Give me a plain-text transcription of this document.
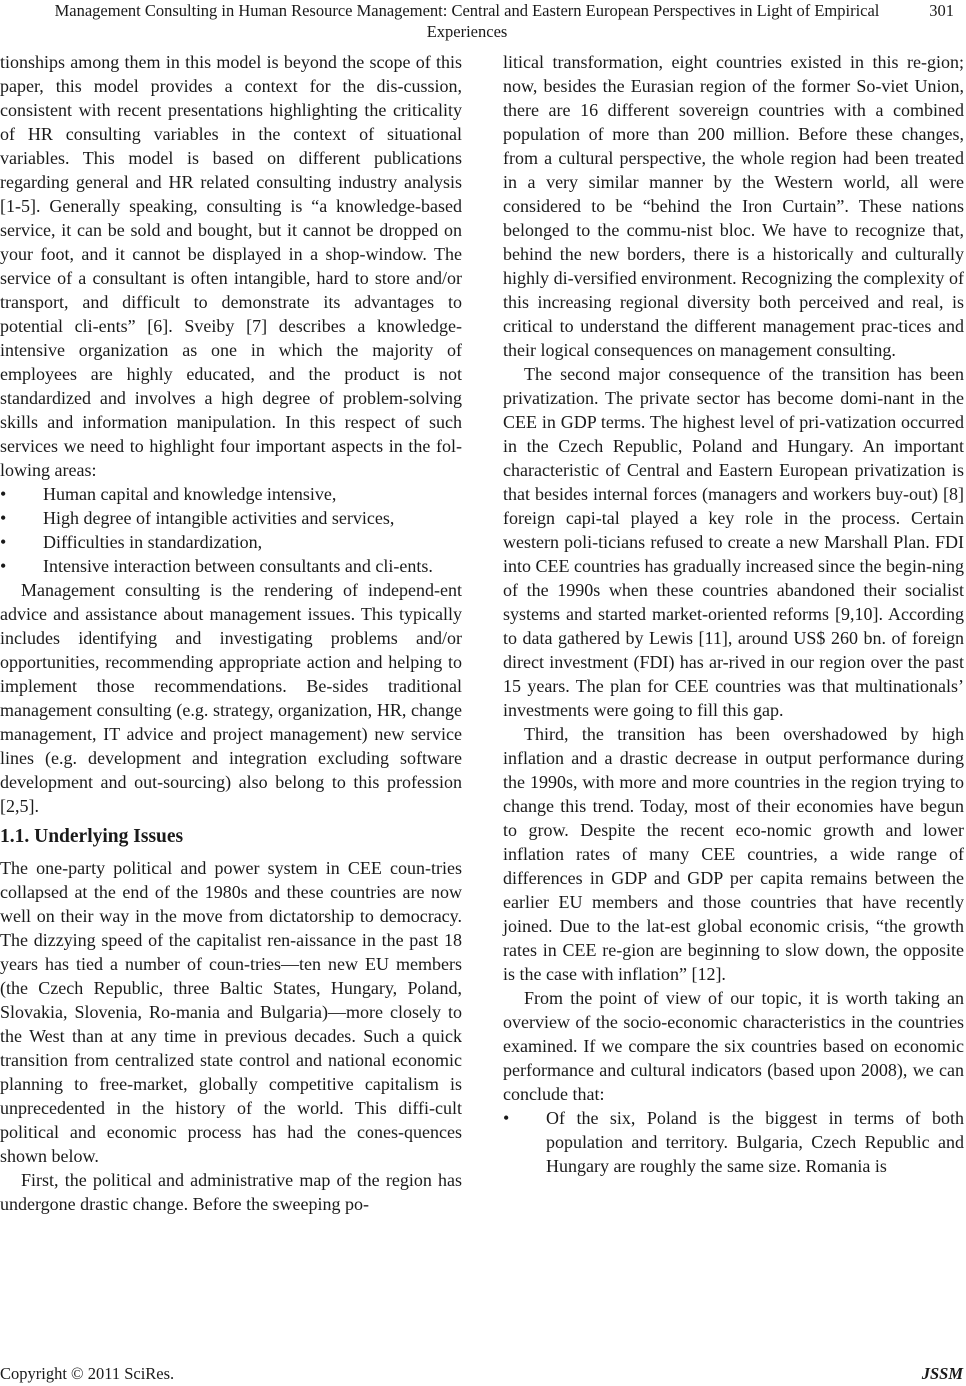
Management Consulting in Human Resource Management: Central and Eastern European Perspectives in Light of Empirical Experiences
301

tionships among them in this model is beyond the scope of this paper, this model provides a context for the dis-cussion, consistent with recent presentations highlighting the criticality of HR consulting variables in the context of situational variables. This model is based on different publications regarding general and HR related consulting industry analysis [1-5]. Generally speaking, consulting is “a knowledge-based service, it can be sold and bought, but it cannot be dropped on your foot, and it cannot be displayed in a shop-window. The service of a consultant is often intangible, hard to store and/or transport, and difficult to demonstrate its advantages to potential cli-ents” [6]. Sveiby [7] describes a knowledge-intensive organization as one in which the majority of employees are highly educated, and the product is not standardized and involves a high degree of problem-solving skills and information manipulation. In this respect of such services we need to highlight four important aspects in the fol-lowing areas:

•	Human capital and knowledge intensive,
•	High degree of intangible activities and services,
•	Difficulties in standardization,
•	Intensive interaction between consultants and cli-ents.

Management consulting is the rendering of independ-ent advice and assistance about management issues. This typically includes identifying and investigating problems and/or opportunities, recommending appropriate action and helping to implement those recommendations. Be-sides traditional management consulting (e.g. strategy, organization, HR, change management, IT advice and project management) new service lines (e.g. development and integration excluding software development and out-sourcing) also belong to this profession [2,5].

1.1. Underlying Issues

The one-party political and power system in CEE coun-tries collapsed at the end of the 1980s and these countries are now well on their way in the move from dictatorship to democracy. The dizzying speed of the capitalist ren-aissance in the past 18 years has tied a number of coun-tries—ten new EU members (the Czech Republic, three Baltic States, Hungary, Poland, Slovakia, Slovenia, Ro-mania and Bulgaria)—more closely to the West than at any time in previous decades. Such a quick transition from centralized state control and national economic planning to free-market, globally competitive capitalism is unprecedented in the history of the world. This diffi-cult political and economic process has had the cones-quences shown below.

First, the political and administrative map of the region has undergone drastic change. Before the sweeping po-

litical transformation, eight countries existed in this re-gion; now, besides the Eurasian region of the former So-viet Union, there are 16 different sovereign countries with a combined population of more than 200 million. Before these changes, from a cultural perspective, the whole region had been treated in a very similar manner by the Western world, all were considered to be “behind the Iron Curtain”. These nations belonged to the commu-nist bloc. We have to recognize that, behind the new borders, there is a historically and culturally highly di-versified environment. Recognizing the complexity of this increasing regional diversity both perceived and real, is critical to understand the different management prac-tices and their logical consequences on management consulting.

The second major consequence of the transition has been privatization. The private sector has become domi-nant in the CEE in GDP terms. The highest level of pri-vatization occurred in the Czech Republic, Poland and Hungary. An important characteristic of Central and Eastern European privatization is that besides internal forces (managers and workers buy-out) [8] foreign capi-tal played a key role in the process. Certain western poli-ticians refused to create a new Marshall Plan. FDI into CEE countries has gradually increased since the begin-ning of the 1990s when these countries abandoned their socialist systems and started market-oriented reforms [9,10]. According to data gathered by Lewis [11], around US$ 260 bn. of foreign direct investment (FDI) has ar-rived in our region over the past 15 years. The plan for CEE countries was that multinationals’ investments were going to fill this gap.

Third, the transition has been overshadowed by high inflation and a drastic decrease in output performance during the 1990s, with more and more countries in the region trying to change this trend. Today, most of their economies have begun to grow. Despite the recent eco-nomic growth and lower inflation rates of many CEE countries, a wide range of differences in GDP and GDP per capita remains between the earlier EU members and those countries that have recently joined. Due to the lat-est global economic crisis, “the growth rates in CEE re-gion are beginning to slow down, the opposite is the case with inflation” [12].

From the point of view of our topic, it is worth taking an overview of the socio-economic characteristics in the countries examined. If we compare the six countries based on economic performance and cultural indicators (based upon 2008), we can conclude that:

•	Of the six, Poland is the biggest in terms of both population and territory. Bulgaria, Czech Republic and Hungary are roughly the same size. Romania is
Copyright © 2011 SciRes.	JSSM
